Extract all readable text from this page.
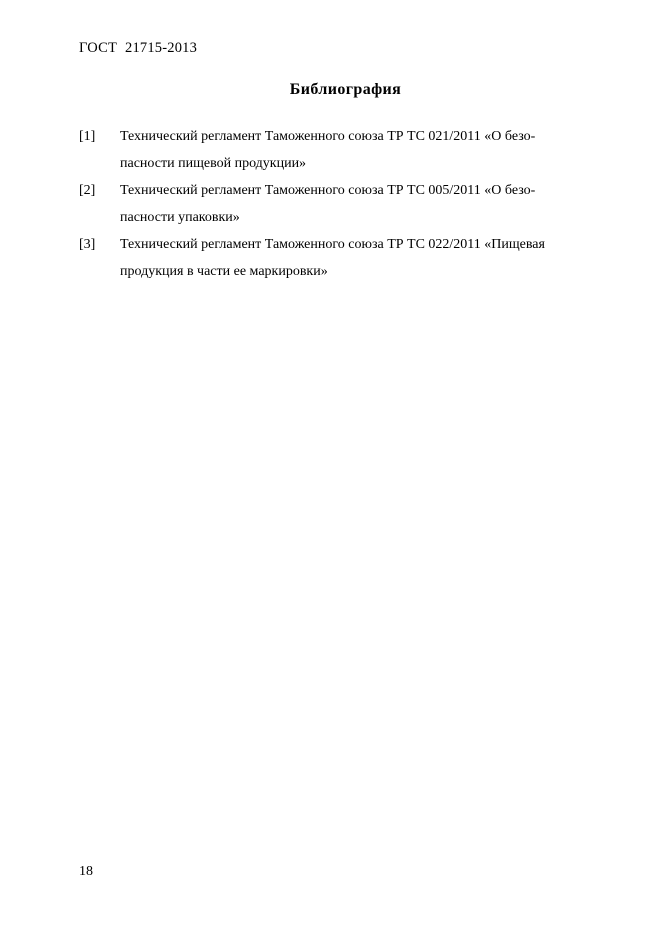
ГОСТ 21715-2013
Библиография
[1] Технический регламент Таможенного союза ТР ТС 021/2011 «О безо-
пасности пищевой продукции»
[2] Технический регламент Таможенного союза ТР ТС 005/2011 «О безо-
пасности упаковки»
[3] Технический регламент Таможенного союза ТР ТС 022/2011 «Пищевая
продукция в части ее маркировки»
18
